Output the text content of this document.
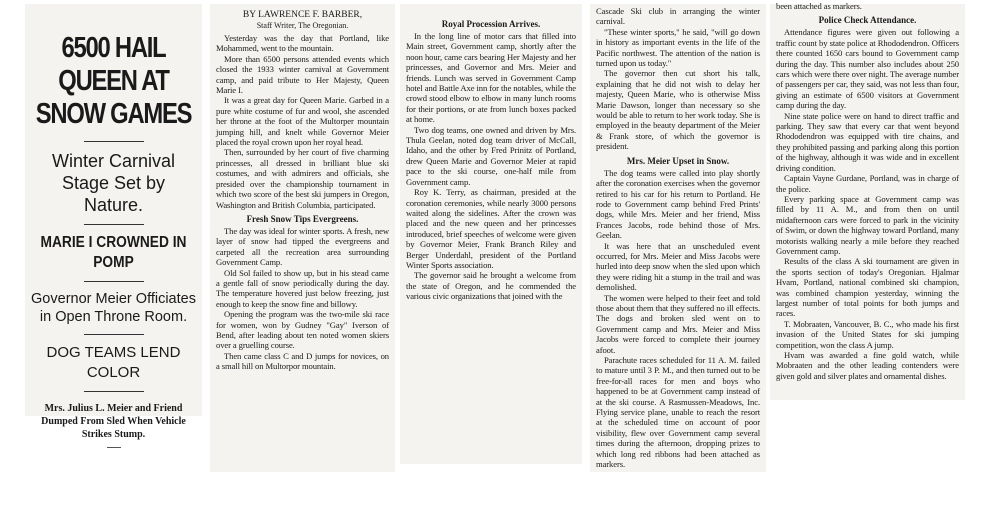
6500 HAIL QUEEN AT SNOW GAMES
Winter Carnival Stage Set by Nature.
MARIE I CROWNED IN POMP
Governor Meier Officiates in Open Throne Room.
DOG TEAMS LEND COLOR
Mrs. Julius L. Meier and Friend Dumped From Sled When Vehicle Strikes Stump.
BY LAWRENCE F. BARBER,
Staff Writer, The Oregonian.

Yesterday was the day that Portland, like Mohammed, went to the mountain.

More than 6500 persons attended events which closed the 1933 winter carnival at Government camp, and paid tribute to Her Majesty, Queen Marie I.

It was a great day for Queen Marie. Garbed in a pure white costume of fur and wool, she ascended her throne at the foot of the Multorper mountain jumping hill, and knelt while Governor Meier placed the royal crown upon her royal head.

Then, surrounded by her court of five charming princesses, all dressed in brilliant blue ski costumes, and with admirers and officials, she presided over the championship tournament in which two score of the best ski jumpers in Oregon, Washington and British Columbia, participated.

Fresh Snow Tips Evergreens.

The day was ideal for winter sports. A fresh, new layer of snow had tipped the evergreens and carpeted all the recreation area surrounding Government Camp.

Old Sol failed to show up, but in his stead came a gentle fall of snow periodically during the day. The temperature hovered just below freezing, just enough to keep the snow fine and billowy.

Opening the program was the two-mile ski race for women, won by Gudney "Gay" Iverson of Bend, after leading about ten noted women skiers over a gruelling course.

Then came class C and D jumps for novices, on a small hill on Multorpor mountain.

Royal Procession Arrives.

In the long line of motor cars that filled into Main street, Government camp, shortly after the noon hour, came cars bearing Her Majesty and her princesses, and Governor and Mrs. Meier and friends. Lunch was served in Government Camp hotel and Battle Axe inn for the notables, while the crowd stood elbow to elbow in many lunch rooms for their portions, or ate from lunch boxes packed at home.

Two dog teams, one owned and driven by Mrs. Thula Geelan, noted dog team driver of McCall, Idaho, and the other by Fred Prinitz of Portland, drew Queen Marie and Governor Meier at rapid pace to the ski course, one-half mile from Government camp.

Roy K. Terry, as chairman, presided at the coronation ceremonies, while nearly 3000 persons waited along the sidelines. After the crown was placed and the new queen and her princesses introduced, brief speeches of welcome were given by Governor Meier, Frank Branch Riley and Berger Underdahl, president of the Portland Winter Sports association.

The governor said he brought a welcome from the state of Oregon, and he commended the various civic organizations that joined with the

Cascade Ski club in arranging the winter carnival.

"These winter sports," he said, "will go down in history as important events in the life of the Pacific northwest. The attention of the nation is turned upon us today."

The governor then cut short his talk, explaining that he did not wish to delay her majesty, Queen Marie, who is otherwise Miss Marie Dawson, longer than necessary so she would be able to return to her work today. She is employed in the beauty department of the Meier & Frank store, of which the governor is president.

Mrs. Meier Upset in Snow.

The dog teams were called into play shortly after the coronation exercises when the governor retired to his car for his return to Portland. He rode to Government camp behind Fred Prints' dogs, while Mrs. Meier and her friend, Miss Frances Jacobs, rode behind those of Mrs. Geelan.

It was here that an unscheduled event occurred, for Mrs. Meier and Miss Jacobs were hurled into deep snow when the sled upon which they were riding hit a stump in the trail and was demolished.

The women were helped to their feet and told those about them that they suffered no ill effects. The dogs and broken sled went on to Government camp and Mrs. Meier and Miss Jacobs were forced to complete their journey afoot.

Parachute races scheduled for 11 A. M. failed to mature until 3 P. M., and then turned out to be free-for-all races for men and boys who happened to be at Government camp instead of at the ski course. A Rasmussen-Meadows, Inc. Flying service plane, unable to reach the resort at the scheduled time on account of poor visibility, flew over Government camp several times during the afternoon, dropping prizes to which long red ribbons had been attached as markers.

been attached as markers.

Police Check Attendance.

Attendance figures were given out following a traffic count by state police at Rhododendron. Officers there counted 1650 cars bound to Government camp during the day. This number also includes about 250 cars which were there over night. The average number of passengers per car, they said, was not less than four, giving an estimate of 6500 visitors at Government camp during the day.

Nine state police were on hand to direct traffic and parking. They saw that every car that went beyond Rhododendron was equipped with tire chains, and they prohibited passing and parking along this portion of the highway, although it was wide and in excellent driving condition.

Captain Vayne Gurdane, Portland, was in charge of the police.

Every parking space at Government camp was filled by 11 A. M., and from then on until midafternoon cars were forced to park in the vicinity of Swim, or down the highway toward Portland, many motorists walking nearly a mile before they reached Government camp.

Results of the class A ski tournament are given in the sports section of today's Oregonian. Hjalmar Hvam, Portland, national combined ski champion, was combined champion yesterday, winning the largest number of total points for both jumps and races.

T. Mobraaten, Vancouver, B. C., who made his first invasion of the United States for ski jumping competition, won the class A jump.

Hvam was awarded a fine gold watch, while Mobraaten and the other leading contenders were given gold and silver plates and ornamental dishes.
